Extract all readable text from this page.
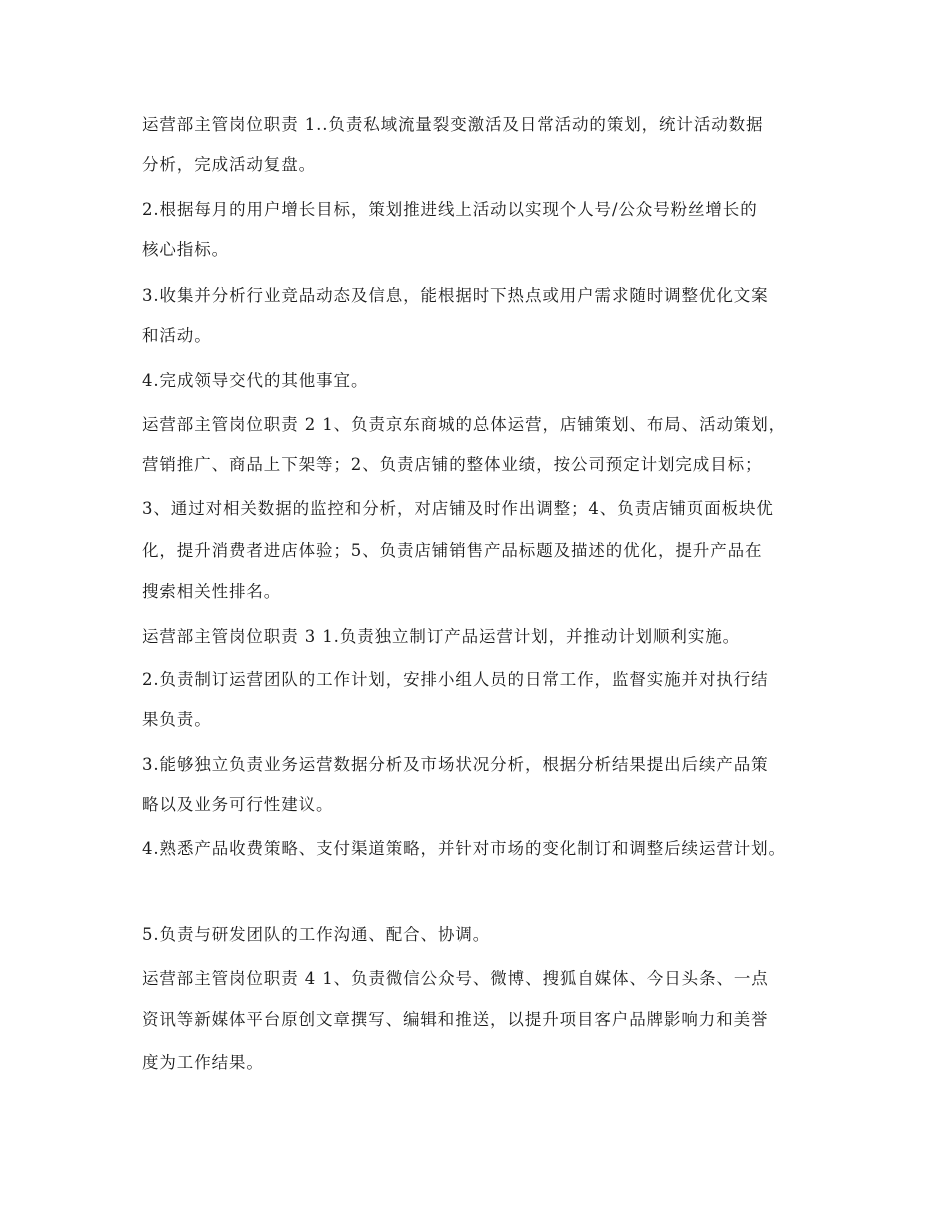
运营部主管岗位职责 1..负责私域流量裂变激活及日常活动的策划，统计活动数据
分析，完成活动复盘。
2.根据每月的用户增长目标，策划推进线上活动以实现个人号/公众号粉丝增长的
核心指标。
3.收集并分析行业竞品动态及信息，能根据时下热点或用户需求随时调整优化文案
和活动。
4.完成领导交代的其他事宜。
运营部主管岗位职责 2 1、负责京东商城的总体运营，店铺策划、布局、活动策划，
营销推广、商品上下架等；2、负责店铺的整体业绩，按公司预定计划完成目标；
3、通过对相关数据的监控和分析，对店铺及时作出调整；4、负责店铺页面板块优
化，提升消费者进店体验；5、负责店铺销售产品标题及描述的优化，提升产品在
搜索相关性排名。
运营部主管岗位职责 3 1.负责独立制订产品运营计划，并推动计划顺利实施。
2.负责制订运营团队的工作计划，安排小组人员的日常工作，监督实施并对执行结
果负责。
3.能够独立负责业务运营数据分析及市场状况分析，根据分析结果提出后续产品策
略以及业务可行性建议。
4.熟悉产品收费策略、支付渠道策略，并针对市场的变化制订和调整后续运营计划。
5.负责与研发团队的工作沟通、配合、协调。
运营部主管岗位职责 4 1、负责微信公众号、微博、搜狐自媒体、今日头条、一点
资讯等新媒体平台原创文章撰写、编辑和推送，以提升项目客户品牌影响力和美誉
度为工作结果。
